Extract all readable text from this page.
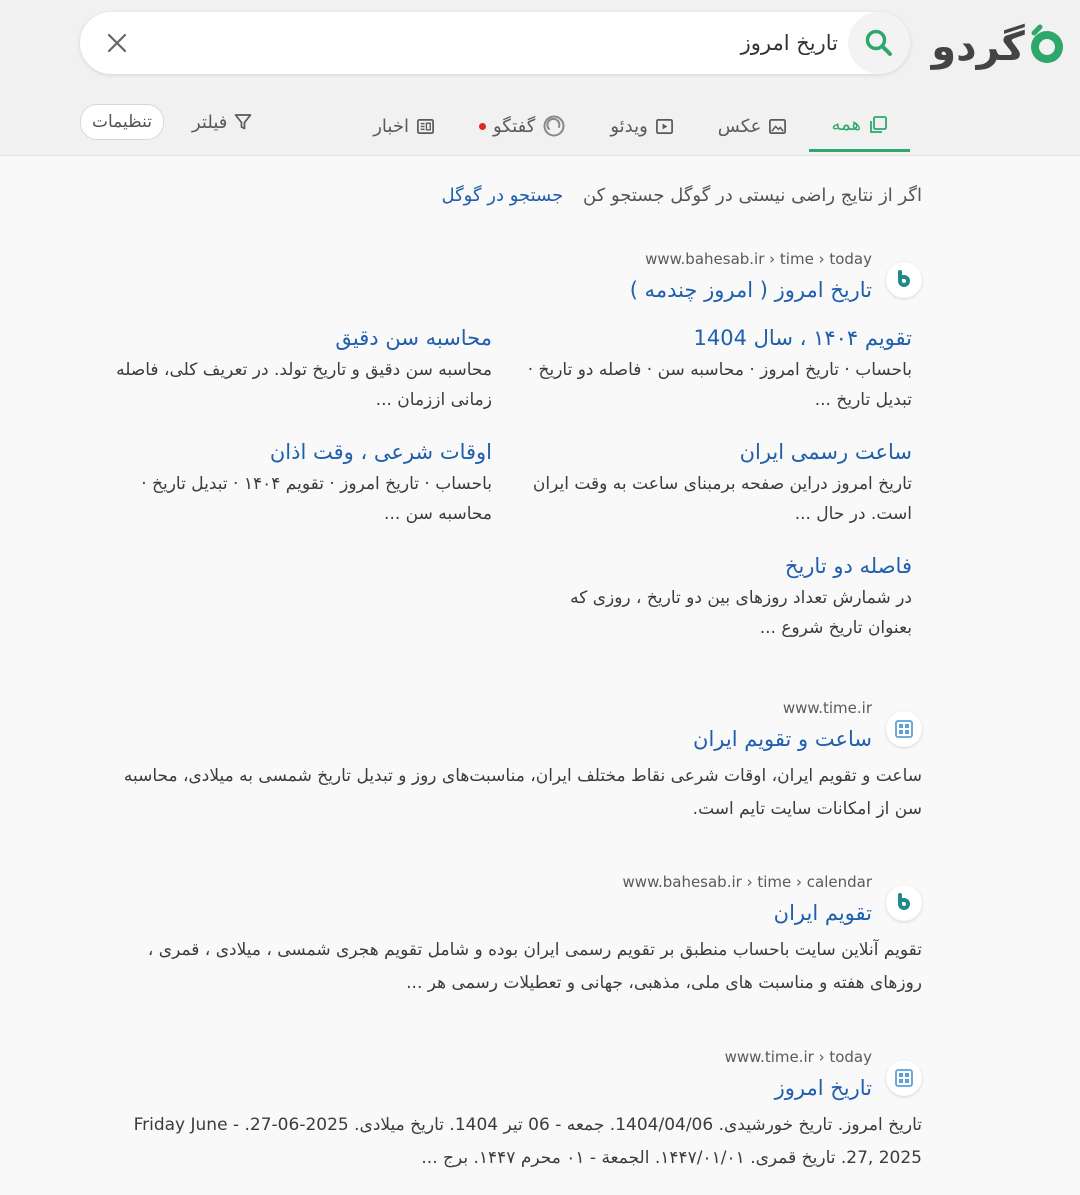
گردو
تاریخ امروز
همه
عکس
ویدئو
گفتگو
اخبار
فیلتر
تنظیمات
اگر از نتایج راضی نیستی در گوگل جستجو کن جستجو در گوگل
www.bahesab.ir › time › today
تاریخ امروز ( امروز چندمه )
تقویم ۱۴۰۴ ، سال 1404
باحساب · تاریخ امروز · محاسبه سن · فاصله دو تاریخ · تبدیل تاریخ ...
محاسبه سن دقیق
محاسبه سن دقیق و تاریخ تولد. در تعریف کلی، فاصله زمانی اززمان ...
ساعت رسمی ایران
تاریخ امروز دراین صفحه برمبنای ساعت به وقت ایران است. در حال ...
اوقات شرعی ، وقت اذان
باحساب · تاریخ امروز · تقویم ۱۴۰۴ · تبدیل تاریخ · محاسبه سن ...
فاصله دو تاریخ
در شمارش تعداد روزهای بین دو تاریخ ، روزی که بعنوان تاریخ شروع ...
www.time.ir
ساعت و تقویم ایران
ساعت و تقویم ایران، اوقات شرعی نقاط مختلف ایران، مناسبت‌های روز و تبدیل تاریخ شمسی به میلادی، محاسبه سن از امکانات سایت تایم است.
www.bahesab.ir › time › calendar
تقویم ایران
تقویم آنلاین سایت باحساب منطبق بر تقویم رسمی ایران بوده و شامل تقویم هجری شمسی ، میلادی ، قمری ، روزهای هفته و مناسبت های ملی، مذهبی، جهانی و تعطیلات رسمی هر ...
www.time.ir › today
تاریخ امروز
تاریخ امروز. تاریخ خورشیدی. 1404/04/06. جمعه - 06 تیر 1404. تاریخ میلادی. 2025-06-27. - Friday June 27, 2025. تاریخ قمری. ۱۴۴۷/۰۱/۰۱. الجمعة - ۰۱ محرم ۱۴۴۷. برج ...
